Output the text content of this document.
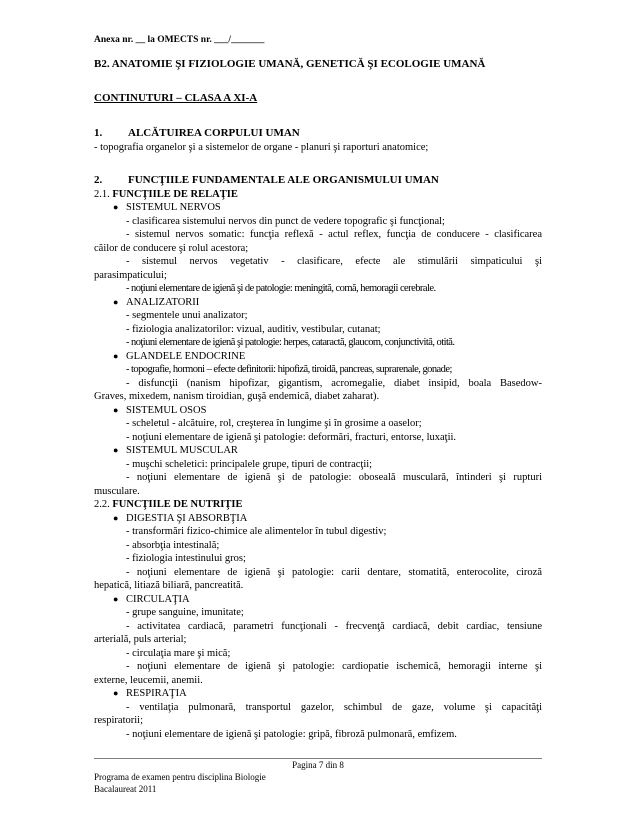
Anexa nr. __ la OMECTS nr. ___/_______
B2. ANATOMIE ŞI FIZIOLOGIE UMANĂ, GENETICĂ ŞI ECOLOGIE UMANĂ
CONTINUTURI – CLASA A XI-A
1.	ALCĂTUIREA CORPULUI UMAN
- topografia organelor şi a sistemelor de organe - planuri şi raporturi anatomice;
2.	FUNCŢIILE FUNDAMENTALE ALE ORGANISMULUI UMAN
2.1. FUNCŢIILE DE RELAŢIE
● SISTEMUL NERVOS
- clasificarea sistemului nervos din punct de vedere topografic şi funcţional;
- sistemul nervos somatic: funcţia reflexă - actul reflex, funcţia de conducere - clasificarea
căilor de conducere şi rolul acestora;
- sistemul nervos vegetativ - clasificare, efecte ale stimulării simpaticului şi
parasimpaticului;
- noţiuni elementare de igienă şi de patologie: meningită, comă, hemoragii cerebrale.
● ANALIZATORII
- segmentele unui analizator;
- fiziologia analizatorilor: vizual, auditiv, vestibular, cutanat;
- noţiuni elementare de igienă şi patologie: herpes, cataractă, glaucom, conjunctivită, otită.
● GLANDELE ENDOCRINE
- topografie, hormoni – efecte definitorii: hipofiză, tiroidă, pancreas, suprarenale, gonade;
- disfuncţii (nanism hipofizar, gigantism, acromegalie, diabet insipid, boala Basedow-
Graves, mixedem, nanism tiroidian, guşă endemică, diabet zaharat).
● SISTEMUL OSOS
- scheletul - alcătuire, rol, creşterea în lungime şi în grosime a oaselor;
- noţiuni elementare de igienă şi patologie: deformări, fracturi, entorse, luxaţii.
● SISTEMUL MUSCULAR
- muşchi scheletici: principalele grupe, tipuri de contracţii;
- noţiuni elementare de igienă şi de patologie: oboseală musculară, întinderi şi rupturi
musculare.
2.2. FUNCŢIILE DE NUTRIŢIE
● DIGESTIA ŞI ABSORBŢIA
- transformări fizico-chimice ale alimentelor în tubul digestiv;
- absorbţia intestinală;
- fiziologia intestinului gros;
- noţiuni elementare de igienă şi patologie: carii dentare, stomatită, enterocolite, ciroză
hepatică, litiază biliară, pancreatită.
● CIRCULAŢIA
- grupe sanguine, imunitate;
- activitatea cardiacă, parametri funcţionali - frecvenţă cardiacă, debit cardiac, tensiune
arterială, puls arterial;
- circulaţia mare şi mică;
- noţiuni elementare de igienă şi patologie: cardiopatie ischemică, hemoragii interne şi
externe, leucemii, anemii.
● RESPIRAŢIA
- ventilaţia pulmonară, transportul gazelor, schimbul de gaze, volume şi capacităţi
respiratorii;
- noţiuni elementare de igienă şi patologie: gripă, fibroză pulmonară, emfizem.
Pagina 7 din 8
Programa de examen pentru disciplina Biologie
Bacalaureat 2011
